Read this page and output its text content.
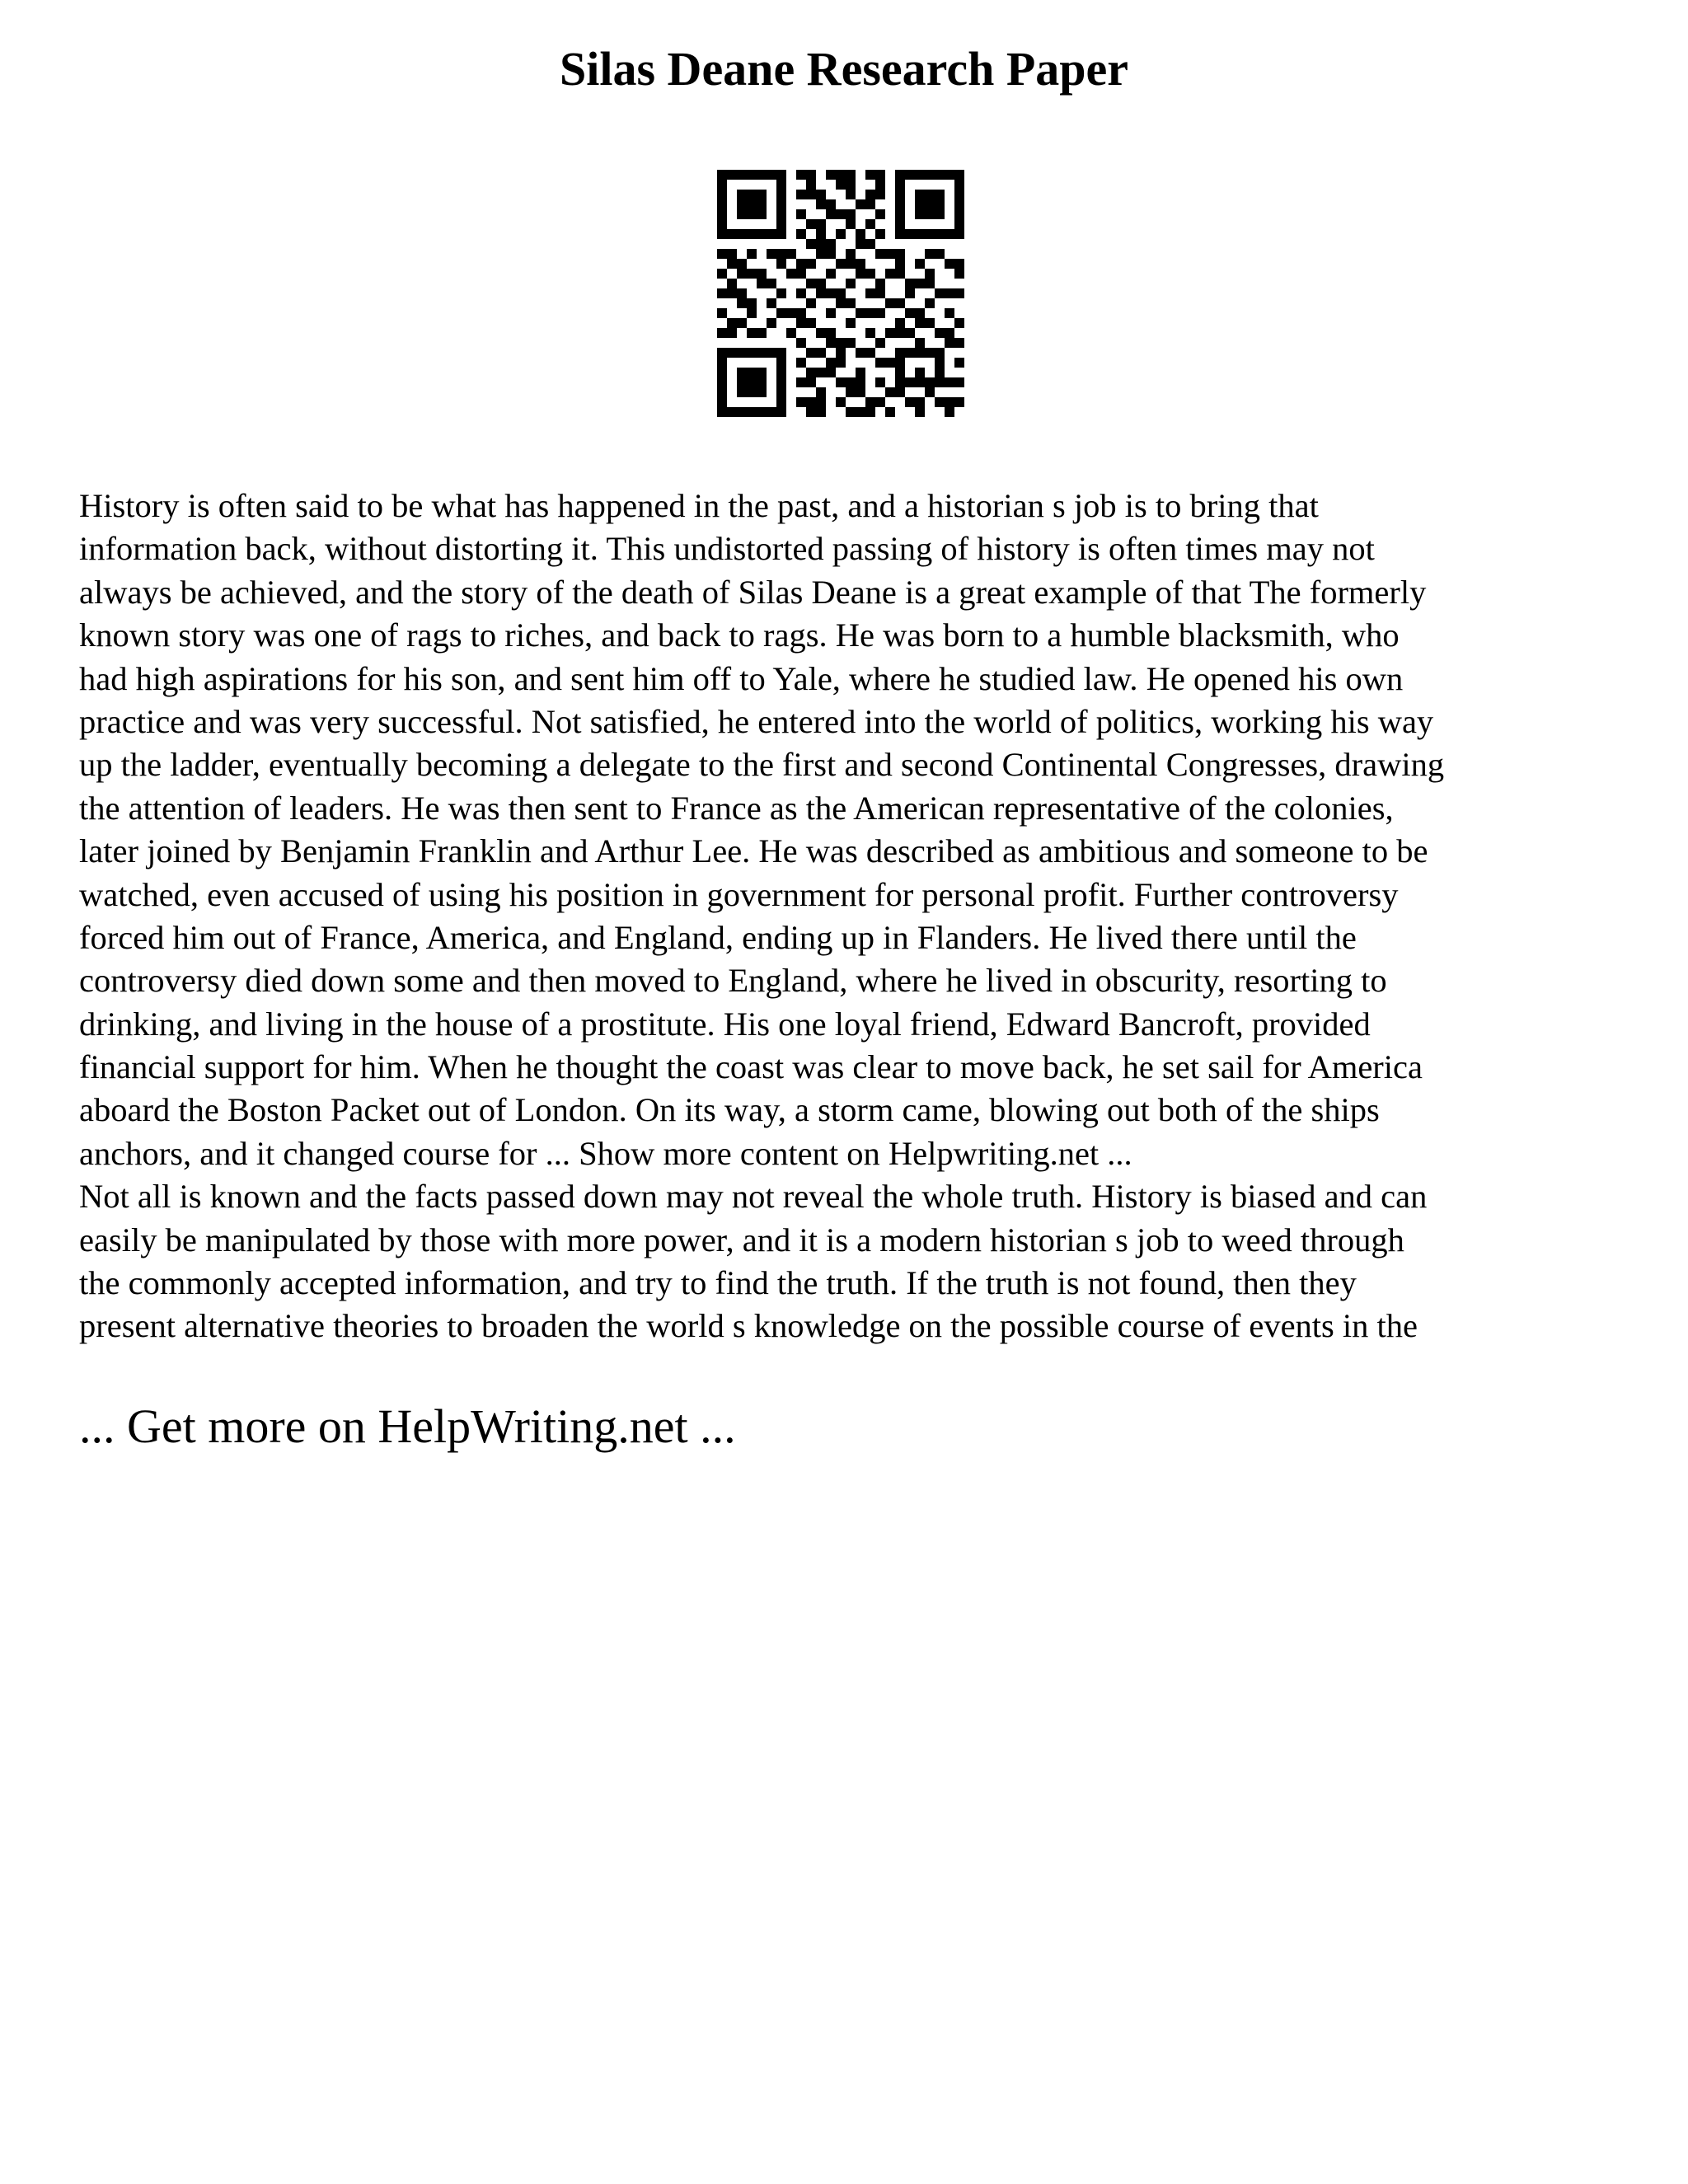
Silas Deane Research Paper
History is often said to be what has happened in the past, and a historian s job is to bring that
information back, without distorting it. This undistorted passing of history is often times may not
always be achieved, and the story of the death of Silas Deane is a great example of that The formerly
known story was one of rags to riches, and back to rags. He was born to a humble blacksmith, who
had high aspirations for his son, and sent him off to Yale, where he studied law. He opened his own
practice and was very successful. Not satisfied, he entered into the world of politics, working his way
up the ladder, eventually becoming a delegate to the first and second Continental Congresses, drawing
the attention of leaders. He was then sent to France as the American representative of the colonies,
later joined by Benjamin Franklin and Arthur Lee. He was described as ambitious and someone to be
watched, even accused of using his position in government for personal profit. Further controversy
forced him out of France, America, and England, ending up in Flanders. He lived there until the
controversy died down some and then moved to England, where he lived in obscurity, resorting to
drinking, and living in the house of a prostitute. His one loyal friend, Edward Bancroft, provided
financial support for him. When he thought the coast was clear to move back, he set sail for America
aboard the Boston Packet out of London. On its way, a storm came, blowing out both of the ships
anchors, and it changed course for ... Show more content on Helpwriting.net ...
Not all is known and the facts passed down may not reveal the whole truth. History is biased and can
easily be manipulated by those with more power, and it is a modern historian s job to weed through
the commonly accepted information, and try to find the truth. If the truth is not found, then they
present alternative theories to broaden the world s knowledge on the possible course of events in the
... Get more on HelpWriting.net ...
